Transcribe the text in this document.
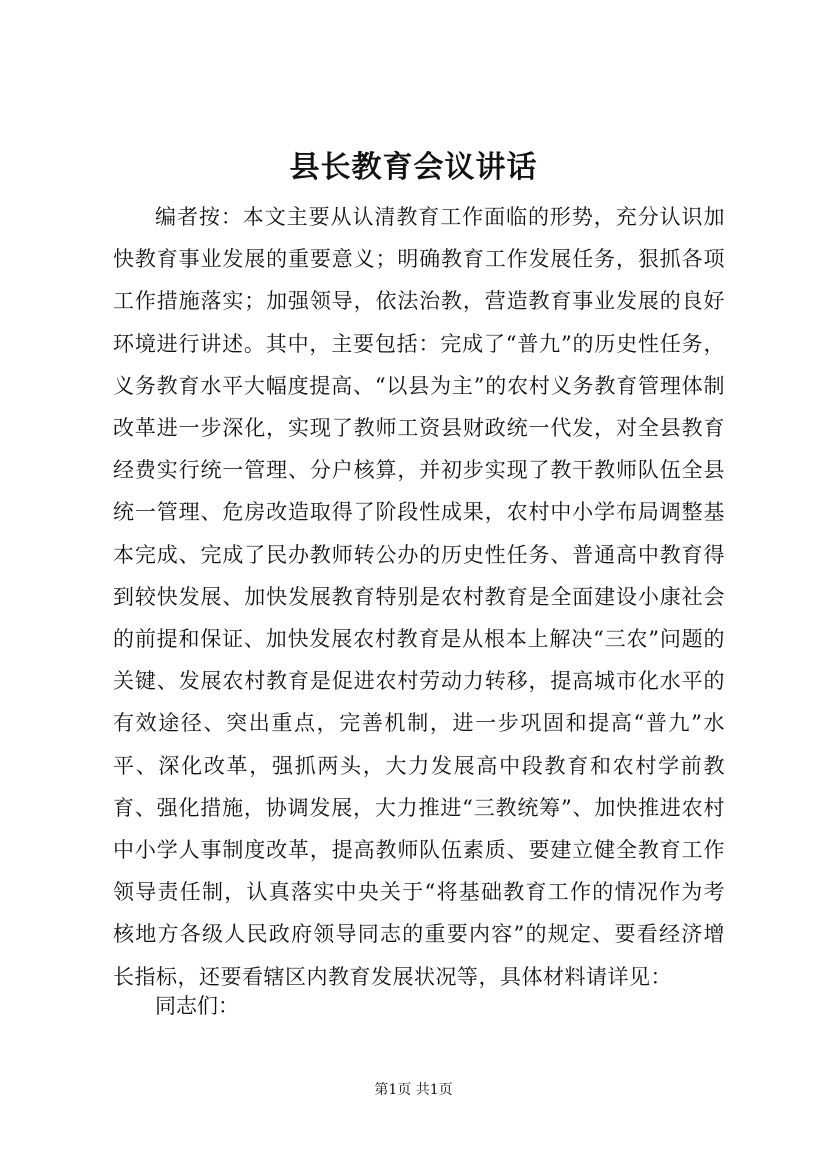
县长教育会议讲话

编者按：本文主要从认清教育工作面临的形势，充分认识加快教育事业发展的重要意义；明确教育工作发展任务，狠抓各项工作措施落实；加强领导，依法治教，营造教育事业发展的良好环境进行讲述。其中，主要包括：完成了“普九”的历史性任务，义务教育水平大幅度提高、“以县为主”的农村义务教育管理体制改革进一步深化，实现了教师工资县财政统一代发，对全县教育经费实行统一管理、分户核算，并初步实现了教干教师队伍全县统一管理、危房改造取得了阶段性成果，农村中小学布局调整基本完成、完成了民办教师转公办的历史性任务、普通高中教育得到较快发展、加快发展教育特别是农村教育是全面建设小康社会的前提和保证、加快发展农村教育是从根本上解决“三农”问题的关键、发展农村教育是促进农村劳动力转移，提高城市化水平的有效途径、突出重点，完善机制，进一步巩固和提高“普九”水平、深化改革，强抓两头，大力发展高中段教育和农村学前教育、强化措施，协调发展，大力推进“三教统筹”、加快推进农村中小学人事制度改革，提高教师队伍素质、要建立健全教育工作领导责任制，认真落实中央关于“将基础教育工作的情况作为考核地方各级人民政府领导同志的重要内容”的规定、要看经济增长指标，还要看辖区内教育发展状况等，具体材料请详见：

同志们：

第1页 共1页
